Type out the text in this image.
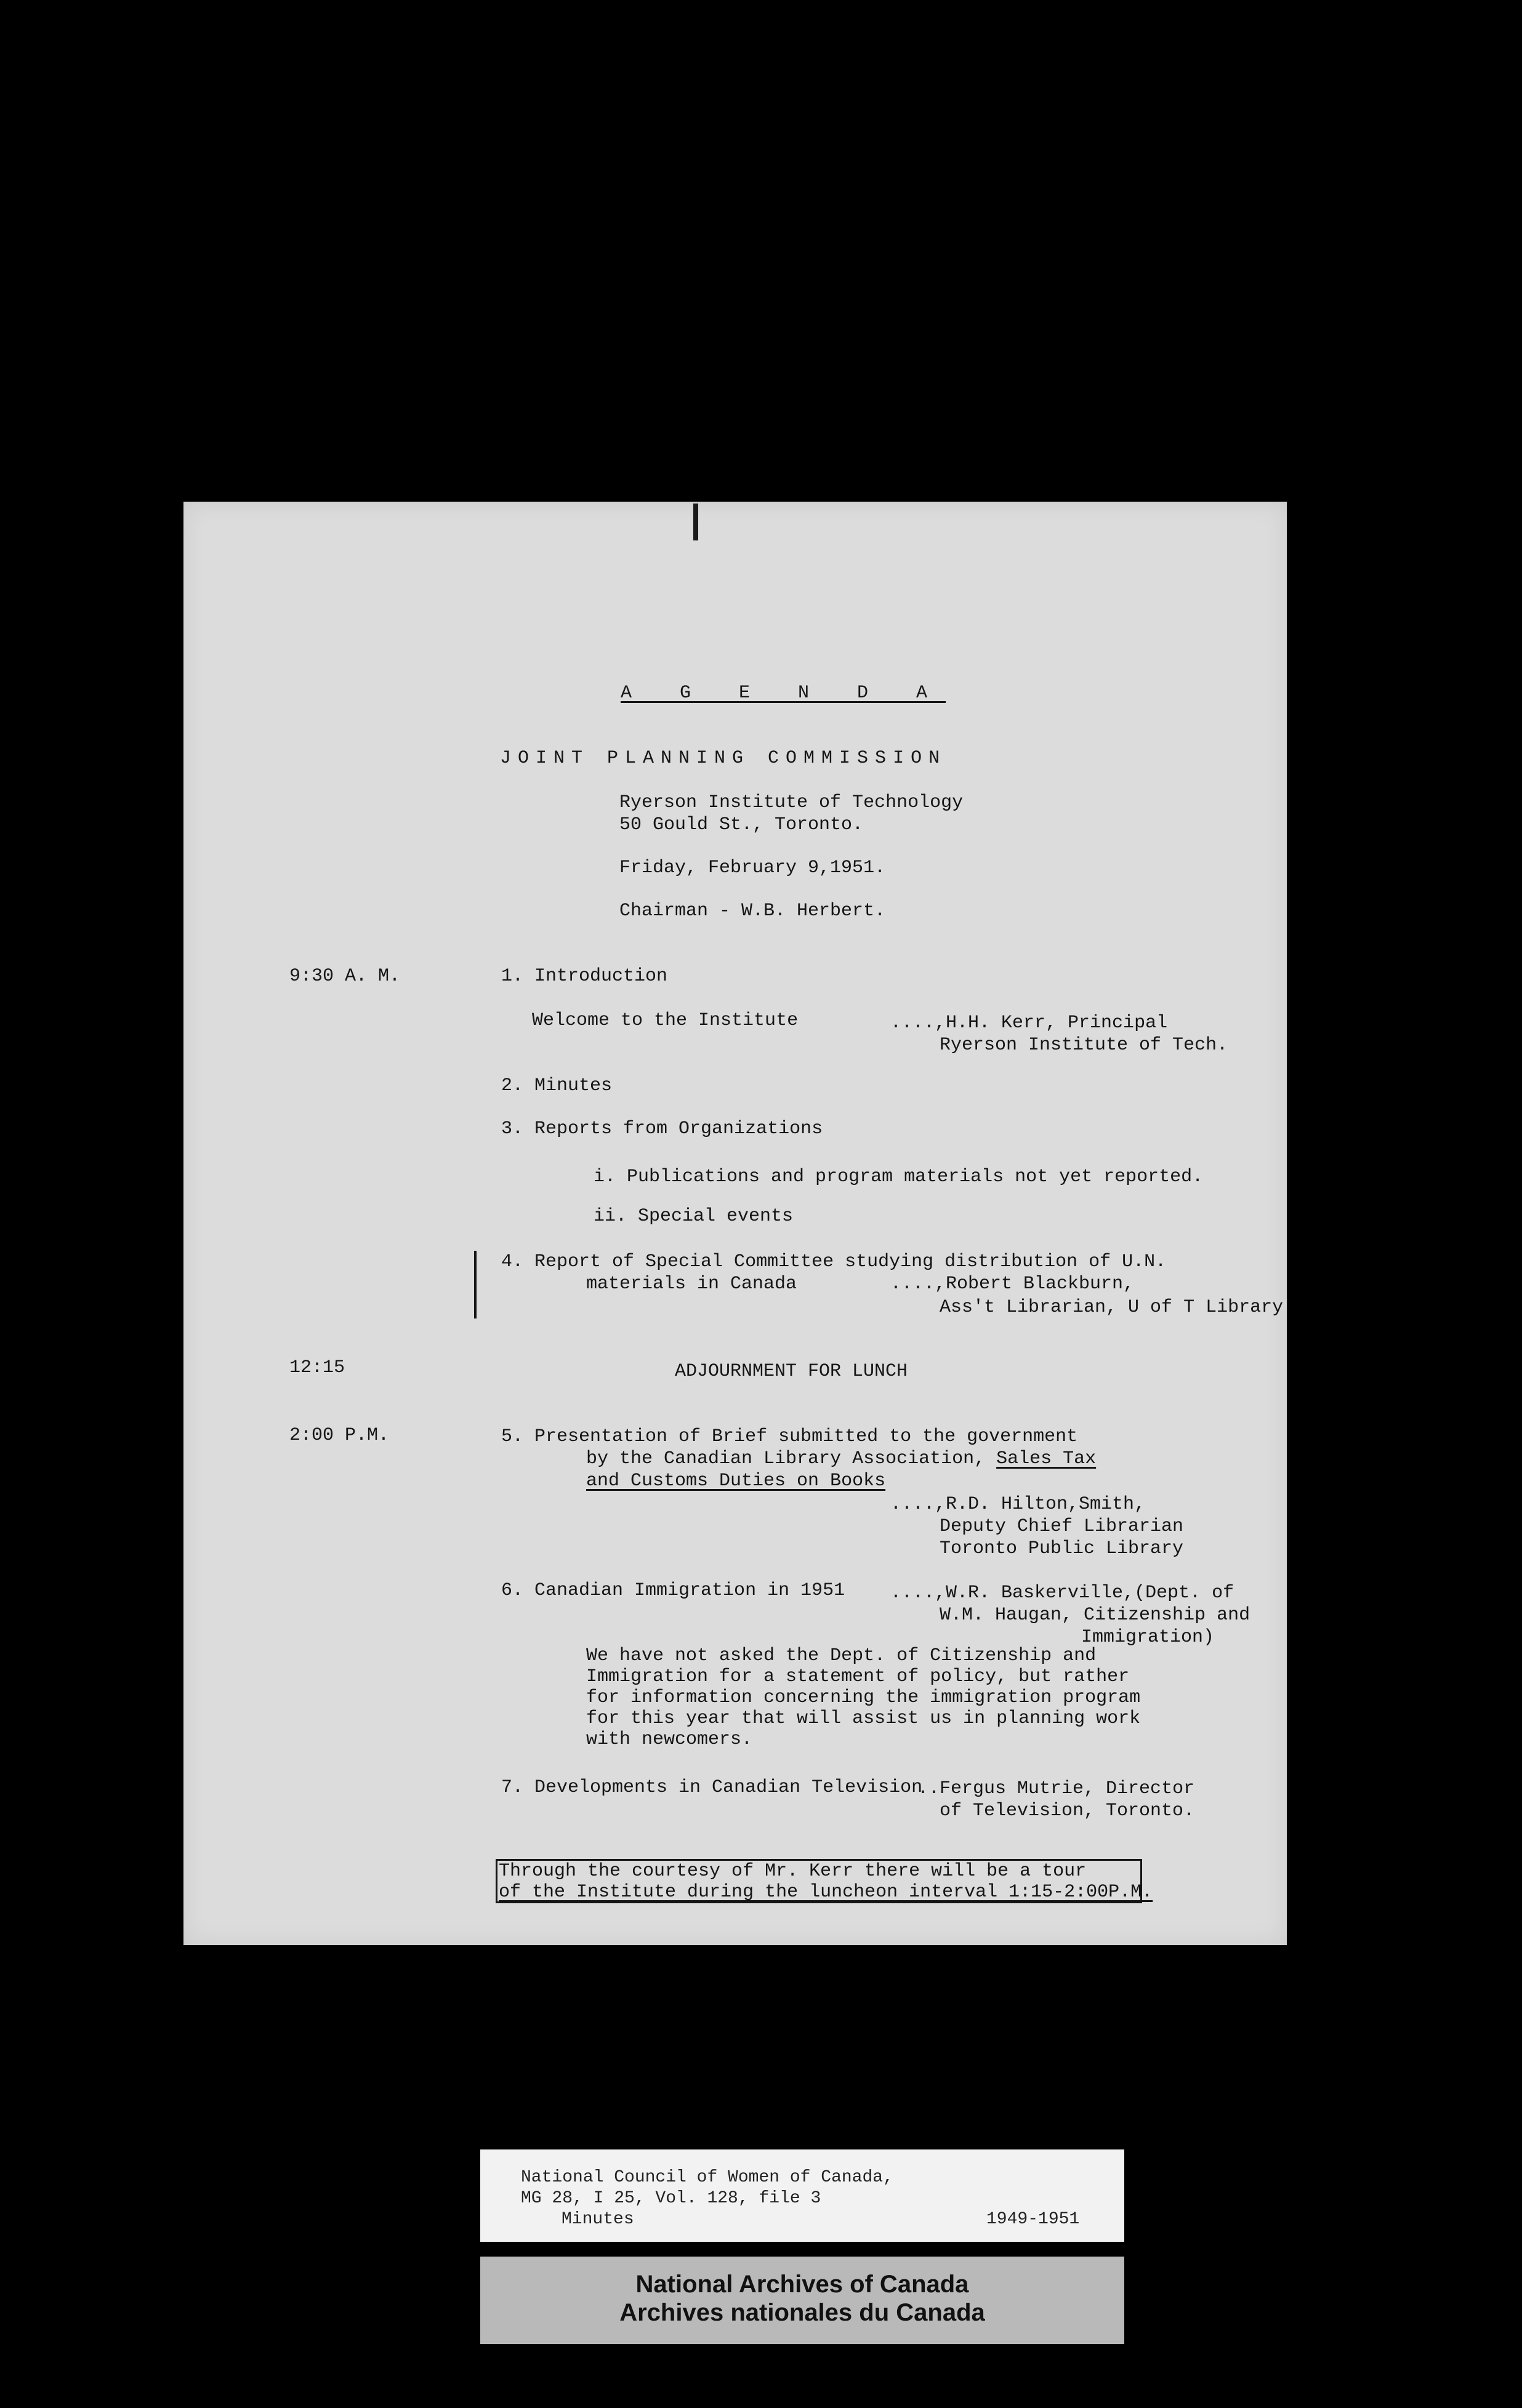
A G E N D A
JOINT PLANNING COMMISSION
Ryerson Institute of Technology
50 Gould St., Toronto.
Friday, February 9,1951.
Chairman - W.B. Herbert.
9:30 A. M.	1. Introduction
Welcome to the Institute	....,H.H. Kerr, Principal
Ryerson Institute of Tech.
2. Minutes
3. Reports from Organizations
i. Publications and program materials not yet reported.
ii. Special events
4. Report of Special Committee studying distribution of U.N.
materials in Canada	....,Robert Blackburn,
Ass't Librarian, U of T Library
12:15	ADJOURNMENT FOR LUNCH
2:00 P.M.	5. Presentation of Brief submitted to the government
by the Canadian Library Association, Sales Tax
and Customs Duties on Books
....,R.D. Hilton,Smith,
Deputy Chief Librarian
Toronto Public Library
6. Canadian Immigration in 1951 ....,W.R. Baskerville,(Dept. of
W.M. Haugan, Citizenship and
Immigration)
We have not asked the Dept. of Citizenship and
Immigration for a statement of policy, but rather
for information concerning the immigration program
for this year that will assist us in planning work
with newcomers.
7. Developments in Canadian Television
..Fergus Mutrie, Director
of Television, Toronto.
Through the courtesy of Mr. Kerr there will be a tour
of the Institute during the luncheon interval 1:15-2:00P.M.
National Council of Women of Canada,
MG 28, I 25, Vol. 128, file 3
Minutes	1949-1951
National Archives of Canada
Archives nationales du Canada
